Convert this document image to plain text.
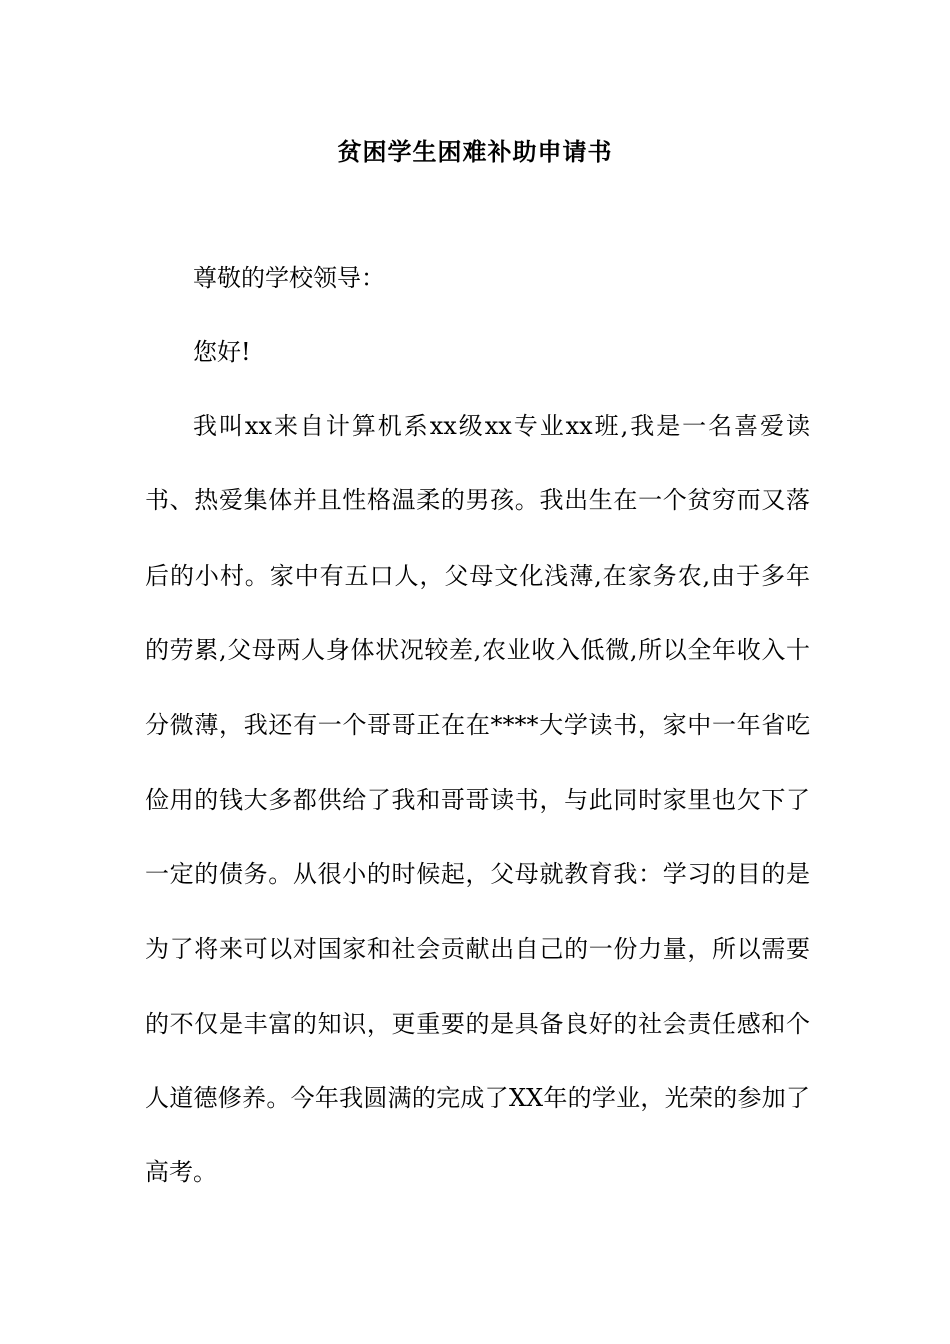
贫困学生困难补助申请书
尊敬的学校领导：
您好!
我叫xx来自计算机系xx级xx专业xx班,我是一名喜爱读
书、热爱集体并且性格温柔的男孩。我出生在一个贫穷而又落
后的小村。家中有五口人，父母文化浅薄,在家务农,由于多年
的劳累,父母两人身体状况较差,农业收入低微,所以全年收入十
分微薄，我还有一个哥哥正在在****大学读书，家中一年省吃
俭用的钱大多都供给了我和哥哥读书，与此同时家里也欠下了
一定的债务。从很小的时候起，父母就教育我：学习的目的是
为了将来可以对国家和社会贡献出自己的一份力量，所以需要
的不仅是丰富的知识，更重要的是具备良好的社会责任感和个
人道德修养。今年我圆满的完成了XX年的学业，光荣的参加了
高考。
